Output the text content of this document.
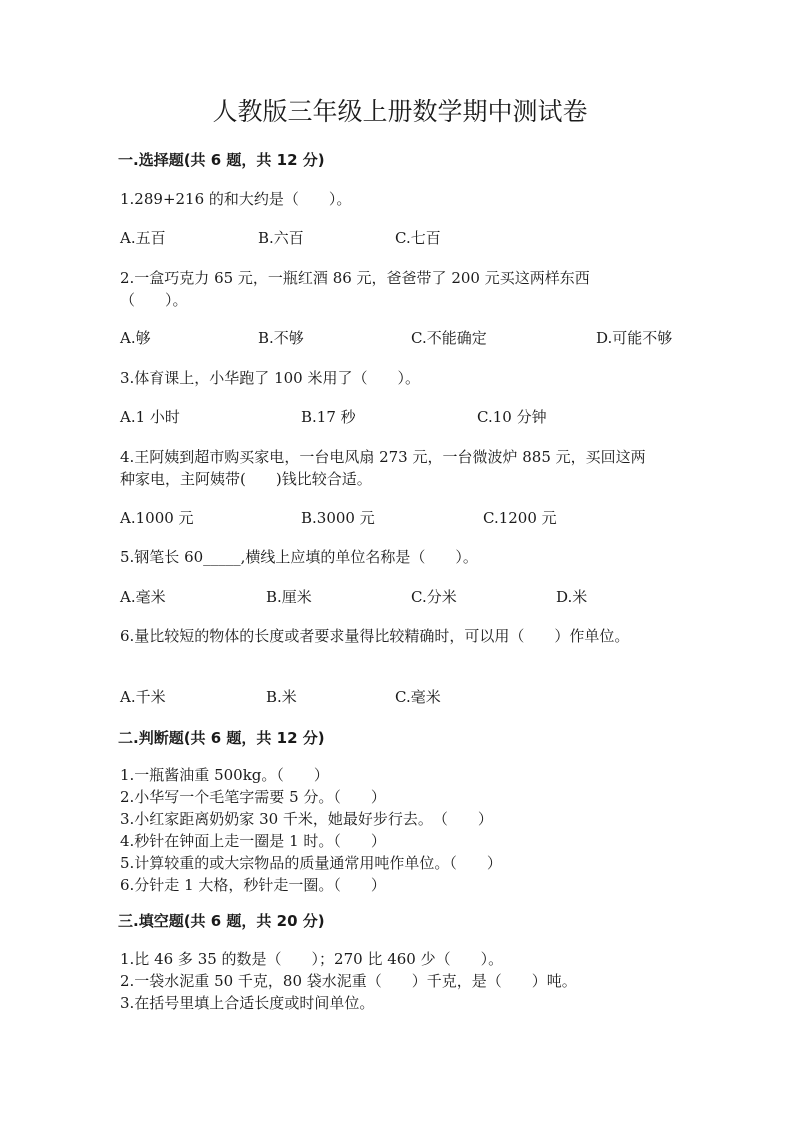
人教版三年级上册数学期中测试卷
一.选择题(共 6 题，共 12 分)
1.289+216 的和大约是（　　）。
A.五百	B.六百	C.七百
2.一盒巧克力 65 元，一瓶红酒 86 元，爸爸带了 200 元买这两样东西
（　　）。
A.够	B.不够	C.不能确定	D.可能不够
3.体育课上，小华跑了 100 米用了（　　）。
A.1 小时	B.17 秒	C.10 分钟
4.王阿姨到超市购买家电，一台电风扇 273 元，一台微波炉 885 元，买回这两
种家电，主阿姨带(　　)钱比较合适。
A.1000 元	B.3000 元	C.1200 元
5.钢笔长 60_____,横线上应填的单位名称是（　　）。
A.毫米	B.厘米	C.分米	D.米
6.量比较短的物体的长度或者要求量得比较精确时，可以用（　　）作单位。
A.千米	B.米	C.毫米
二.判断题(共 6 题，共 12 分)
1.一瓶酱油重 500kg。（　　）
2.小华写一个毛笔字需要 5 分。（　　）
3.小红家距离奶奶家 30 千米，她最好步行去。　（　　）
4.秒针在钟面上走一圈是 1 时。（　　）
5.计算较重的或大宗物品的质量通常用吨作单位。（　　）
6.分针走 1 大格，秒针走一圈。（　　）
三.填空题(共 6 题，共 20 分)
1.比 46 多 35 的数是（　　）；270 比 460 少（　　）。
2.一袋水泥重 50 千克，80 袋水泥重（　　）千克，是（　　）吨。
3.在括号里填上合适长度或时间单位。
